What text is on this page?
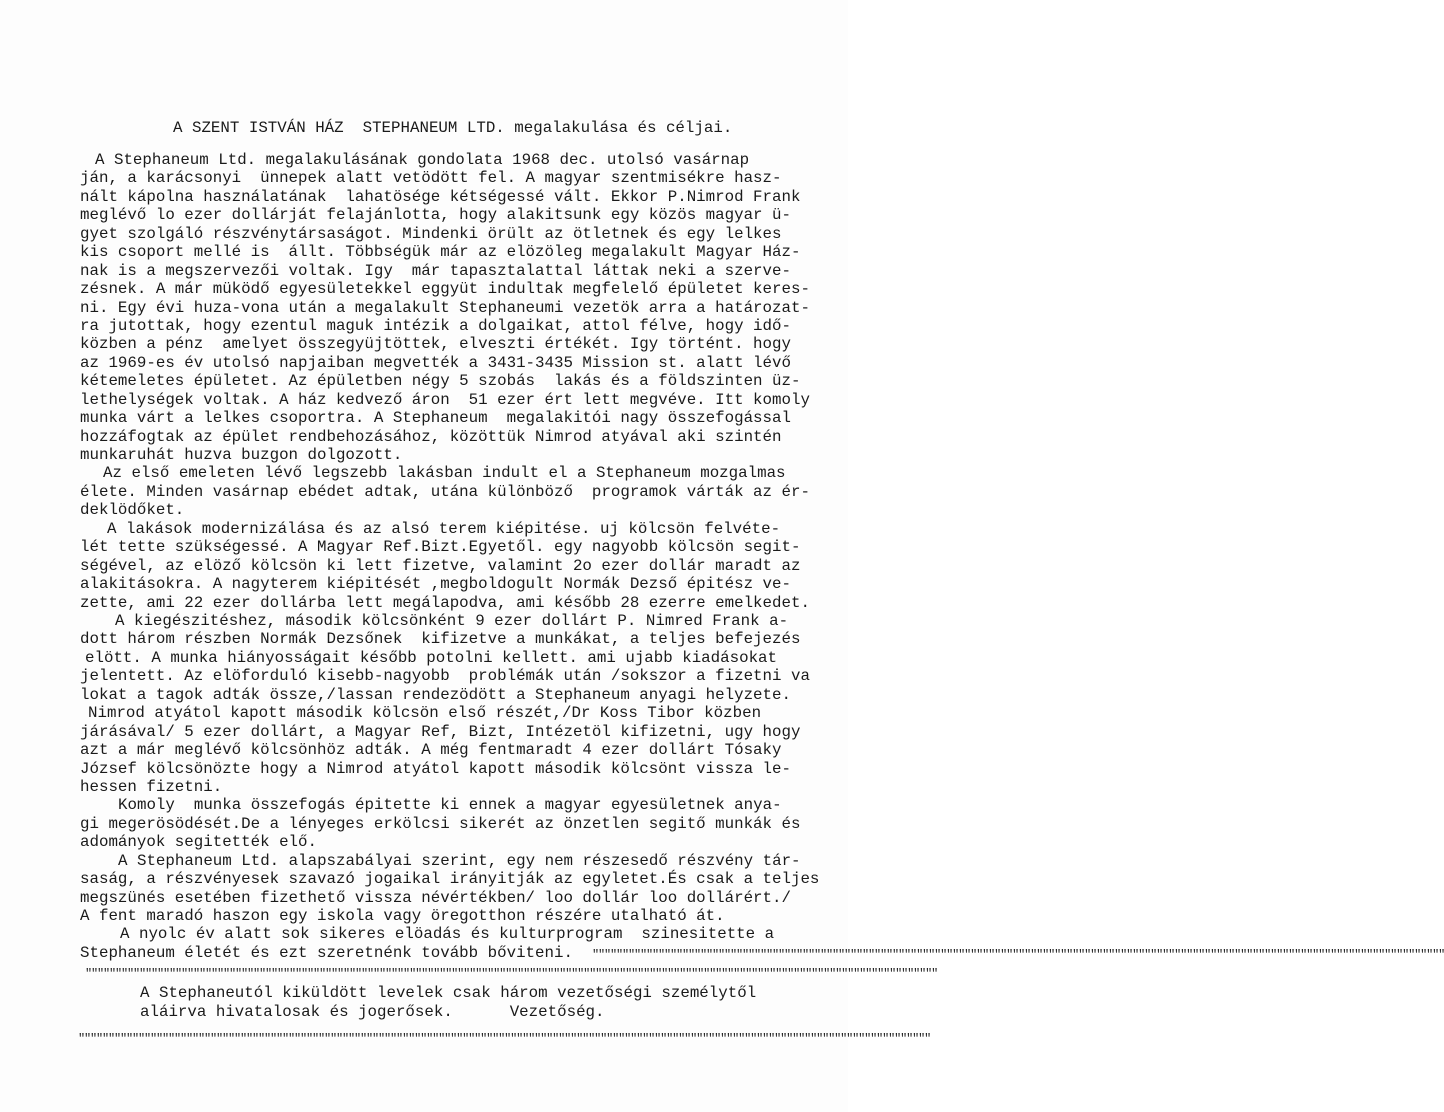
A SZENT ISTVÁN HÁZ  STEPHANEUM LTD. megalakulása és céljai.
A Stephaneum Ltd. megalakulásának gondolata 1968 dec. utolsó vasárnap
ján, a karácsonyi  ünnepek alatt vetödött fel. A magyar szentmisékre hasz-
nált kápolna használatának  lahatösége kétségessé vált. Ekkor P.Nimrod Frank
meglévő lo ezer dollárját felajánlotta, hogy alakitsunk egy közös magyar ü-
gyet szolgáló részvénytársaságot. Mindenki örült az ötletnek és egy lelkes
kis csoport mellé is  állt. Többségük már az elözöleg megalakult Magyar Ház-
nak is a megszervezői voltak. Igy  már tapasztalattal láttak neki a szerve-
zésnek. A már müködő egyesületekkel eggyüt indultak megfelelő épületet keres-
ni. Egy évi huza-vona után a megalakult Stephaneumi vezetök arra a határozat-
ra jutottak, hogy ezentul maguk intézik a dolgaikat, attol félve, hogy idő-
közben a pénz  amelyet összegyüjtöttek, elveszti értékét. Igy történt. hogy
az 1969-es év utolsó napjaiban megvették a 3431-3435 Mission st. alatt lévő
kétemeletes épületet. Az épületben négy 5 szobás  lakás és a földszinten üz-
lethelységek voltak. A ház kedvező áron  51 ezer ért lett megvéve. Itt komoly
munka várt a lelkes csoportra. A Stephaneum  megalakitói nagy összefogással
hozzáfogtak az épület rendbehozásához, közöttük Nimrod atyával aki szintén
munkaruhát huzva buzgon dolgozott.
Az első emeleten lévő legszebb lakásban indult el a Stephaneum mozgalmas
élete. Minden vasárnap ebédet adtak, utána különböző  programok várták az ér-
deklödőket.
A lakások modernizálása és az alsó terem kiépitése. uj kölcsön felvéte-
lét tette szükségessé. A Magyar Ref.Bizt.Egyetől. egy nagyobb kölcsön segit-
ségével, az elöző kölcsön ki lett fizetve, valamint 2o ezer dollár maradt az
alakitásokra. A nagyterem kiépitését ,megboldogult Normák Dezső épitész ve-
zette, ami 22 ezer dollárba lett megálapodva, ami később 28 ezerre emelkedet.
A kiegészitéshez, második kölcsönként 9 ezer dollárt P. Nimred Frank a-
dott három részben Normák Dezsőnek  kifizetve a munkákat, a teljes befejezés
elött. A munka hiányosságait később potolni kellett. ami ujabb kiadásokat
jelentett. Az elöforduló kisebb-nagyobb  problémák után /sokszor a fizetni va
lokat a tagok adták össze,/lassan rendezödött a Stephaneum anyagi helyzete.
Nimrod atyátol kapott második kölcsön első részét,/Dr Koss Tibor közben
járásával/ 5 ezer dollárt, a Magyar Ref, Bizt, Intézetöl kifizetni, ugy hogy
azt a már meglévő kölcsönhöz adták. A még fentmaradt 4 ezer dollárt Tósaky
József kölcsönözte hogy a Nimrod atyátol kapott második kölcsönt vissza le-
hessen fizetni.
Komoly  munka összefogás épitette ki ennek a magyar egyesületnek anya-
gi megerösödését.De a lényeges erkölcsi sikerét az önzetlen segitő munkák és
adományok segitették elő.
A Stephaneum Ltd. alapszabályai szerint, egy nem részesedő részvény tár-
saság, a részvényesek szavazó jogaikal irányitják az egyletet.És csak a teljes
megszünés esetében fizethető vissza névértékben/ loo dollár loo dollárért./
A fent maradó haszon egy iskola vagy öregotthon részére utalható át.
A nyolc év alatt sok sikeres elöadás és kulturprogram  szinesitette a
Stephaneum életét és ezt szeretnénk tovább bőviteni. """"""""""""""""""""""""""""""""""""""""""""""""""""""""""""""""""""""""""""""""""""""""""""""""""""""""""""""""""""""""""""""""""""""""""""""
""""""""""""""""""""""""""""""""""""""""""""""""""""""""""""""""""""""""""""""""""""""""""""""""""""""""""""""""""""""""""""""""""""""""""""""
A Stephaneutól kiküldött levelek csak három vezetőségi személytől
aláirva hivatalosak és jogerősek.      Vezetőség.
""""""""""""""""""""""""""""""""""""""""""""""""""""""""""""""""""""""""""""""""""""""""""""""""""""""""""""""""""""""""""""""""""""""""""""""
